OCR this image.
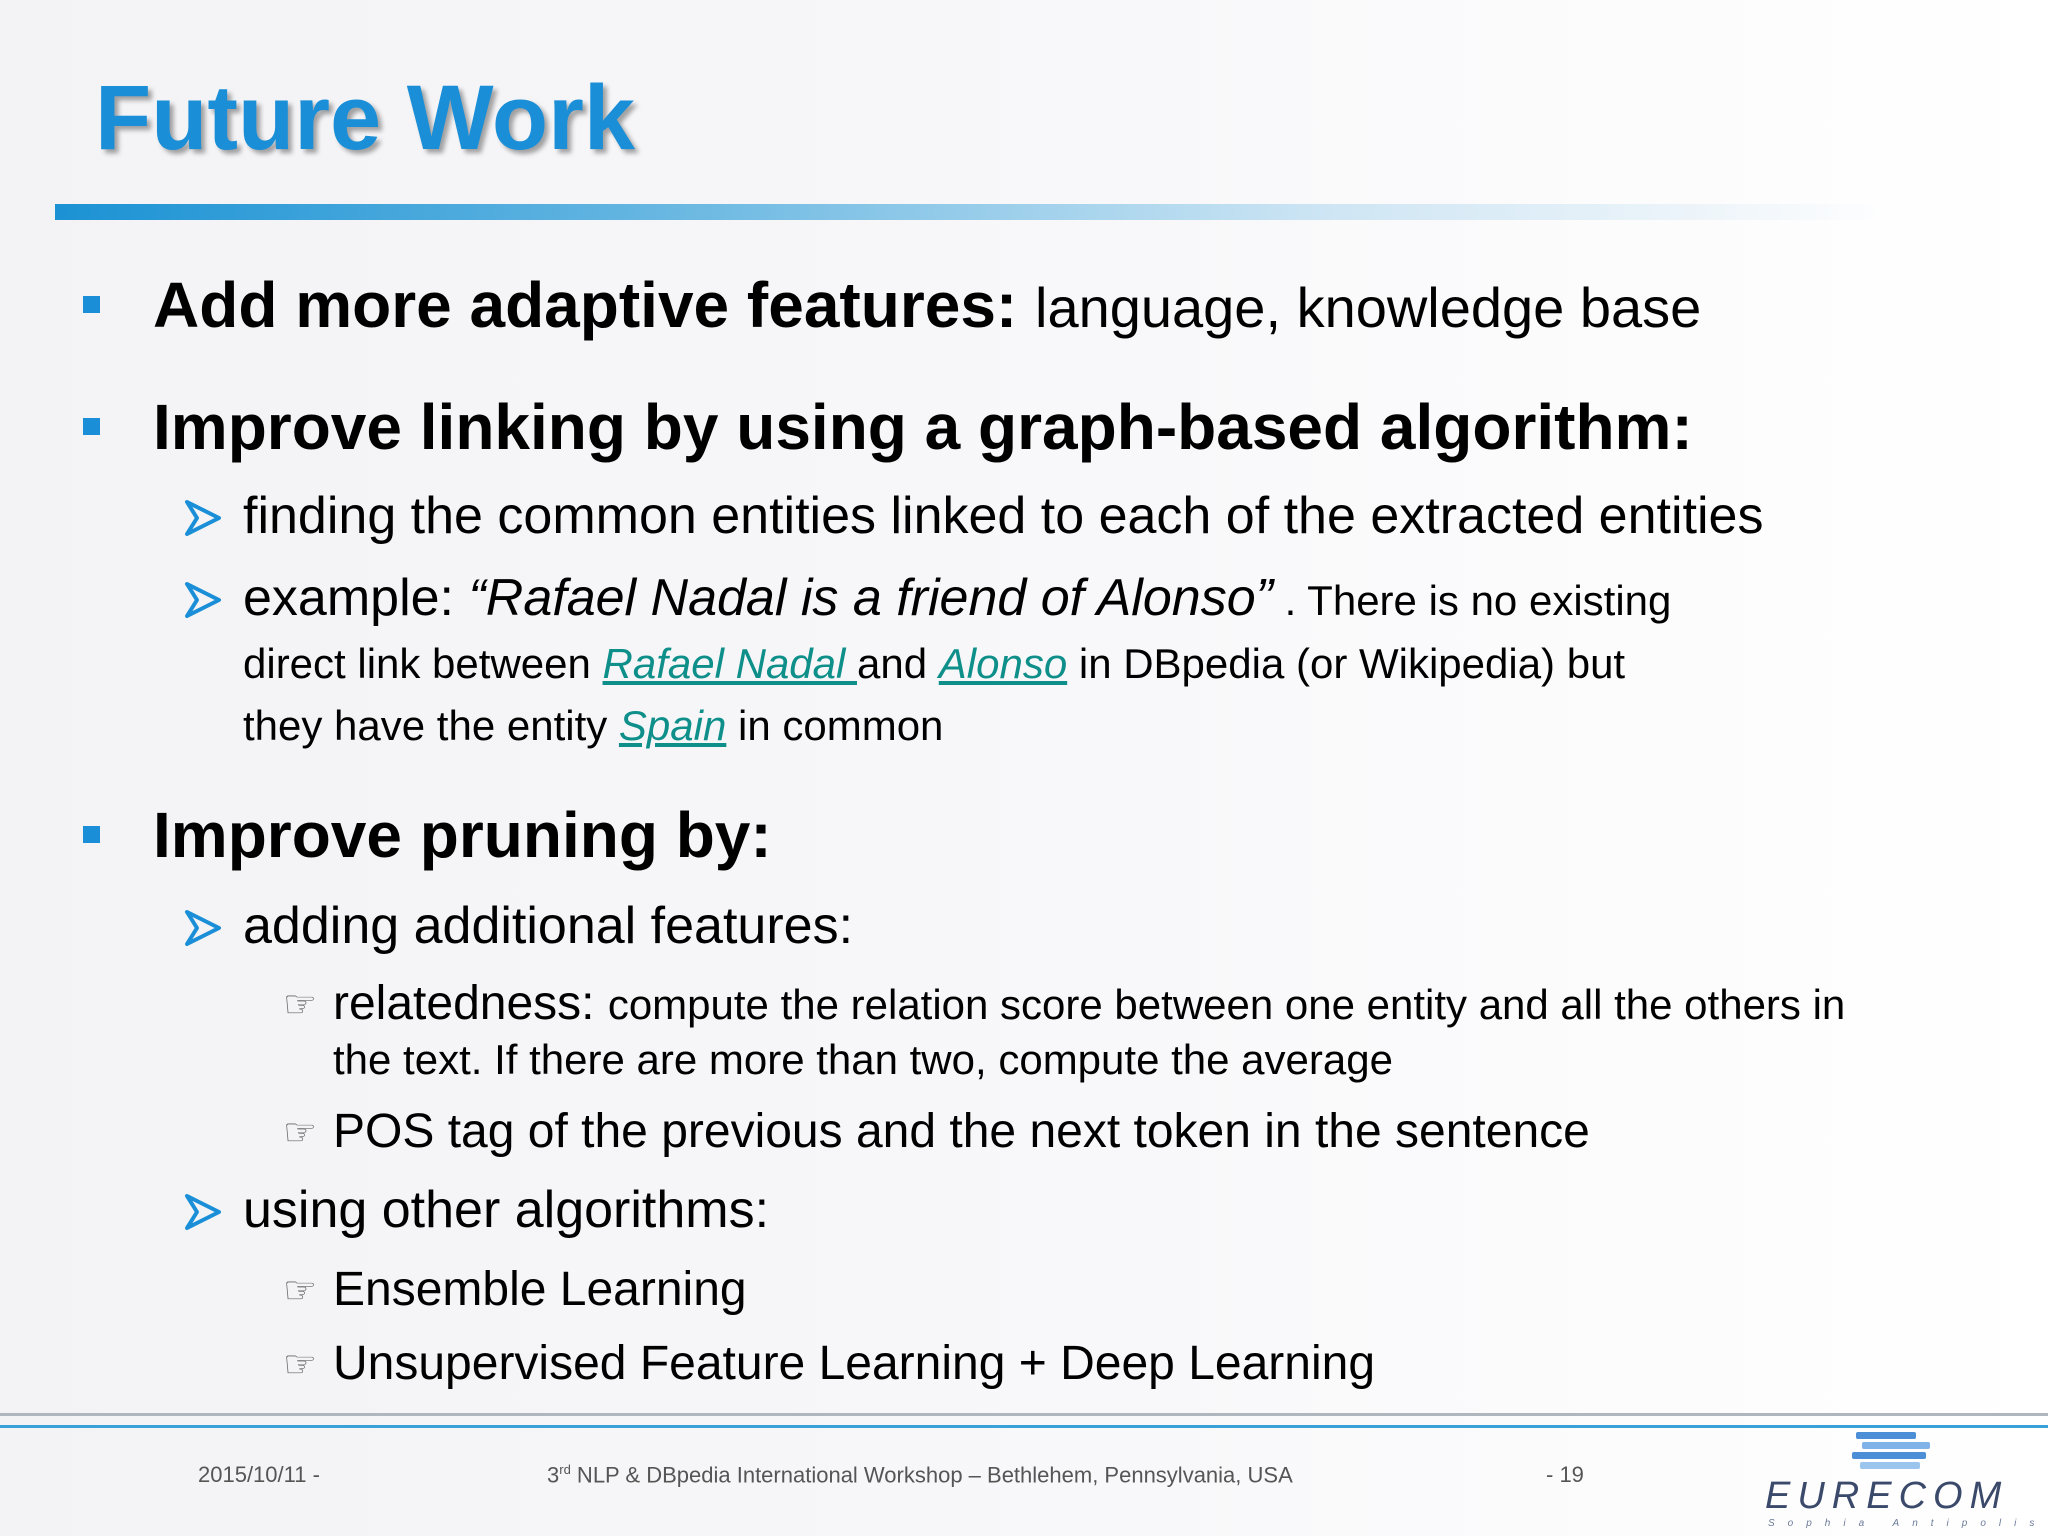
Future Work
Add more adaptive features: language, knowledge base
Improve linking by using a graph-based algorithm:
finding the common entities linked to each of the extracted entities
example: “Rafael Nadal is a friend of Alonso” . There is no existing
direct link between Rafael Nadal and Alonso in DBpedia (or Wikipedia) but
they have the entity Spain in common
Improve pruning by:
adding additional features:
☞ relatedness: compute the relation score between one entity and all the others in
the text. If there are more than two, compute the average
☞ POS tag of the previous and the next token in the sentence
using other algorithms:
☞ Ensemble Learning
☞ Unsupervised Feature Learning + Deep Learning
2015/10/11 -	3rd NLP & DBpedia International Workshop – Bethlehem, Pennsylvania, USA	- 19
EURECOM
Sophia Antipolis
